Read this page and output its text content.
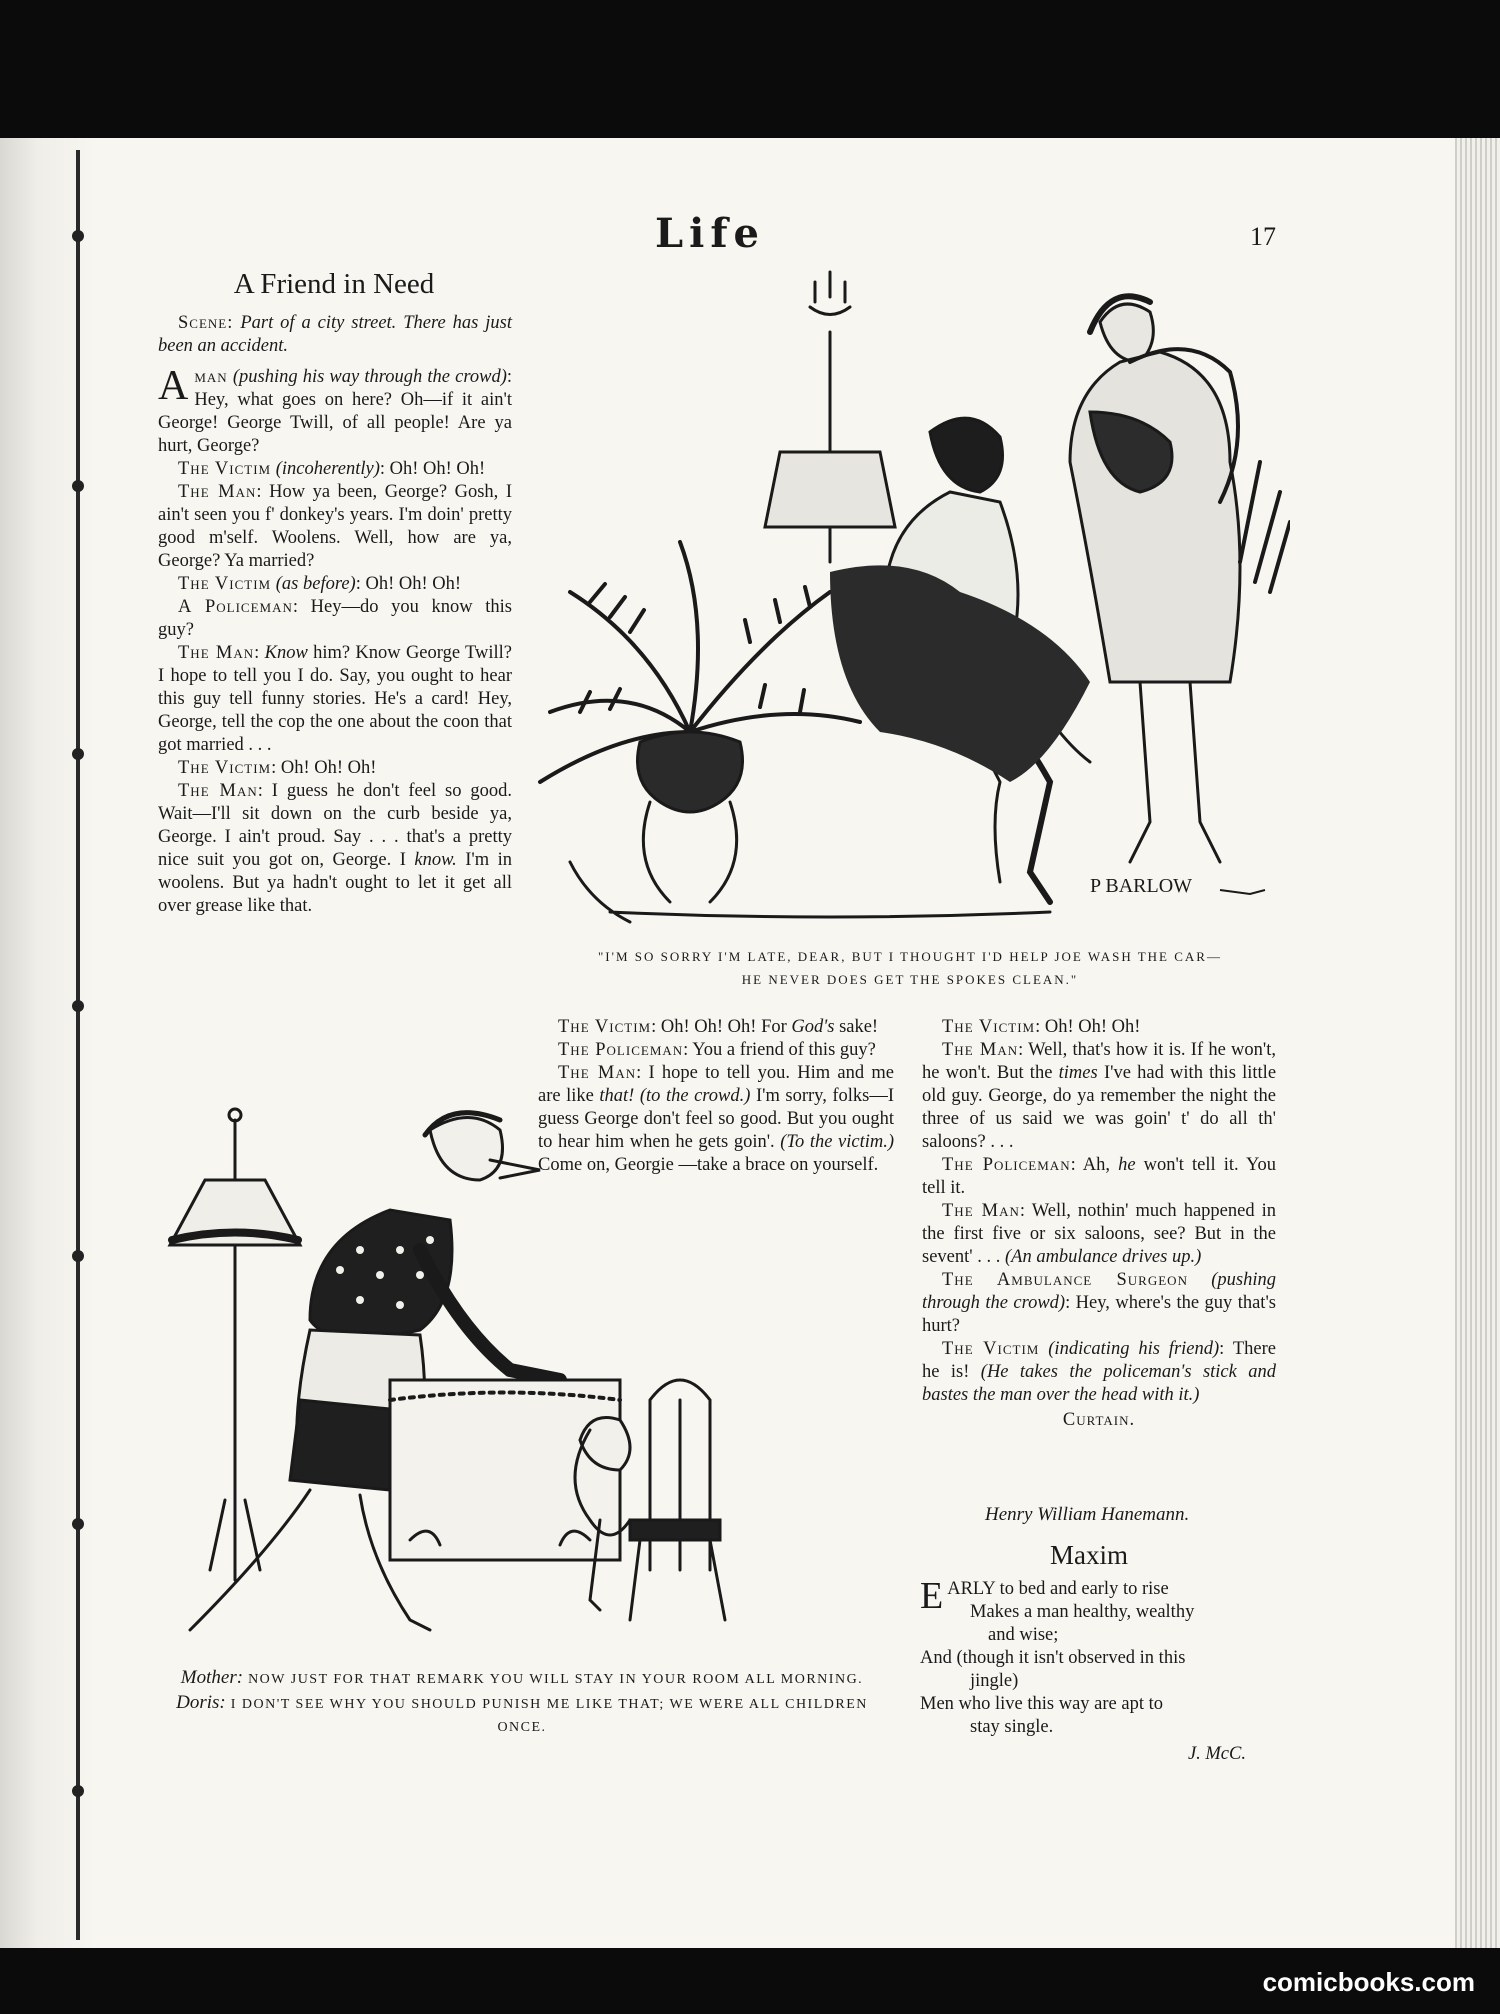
Life	17
A Friend in Need

Scene: Part of a city street. There has just been an accident.

Aman (pushing his way through the crowd): Hey, what goes on here? Oh—if it ain't George! George Twill, of all people! Are ya hurt, George?

The Victim (incoherently): Oh! Oh! Oh!

The Man: How ya been, George? Gosh, I ain't seen you f' donkey's years. I'm doin' pretty good m'self. Woolens. Well, how are ya, George? Ya married?

The Victim (as before): Oh! Oh! Oh!

A Policeman: Hey—do you know this guy?

The Man: Know him? Know George Twill? I hope to tell you I do. Say, you ought to hear this guy tell funny stories. He's a card! Hey, George, tell the cop the one about the coon that got married . . .

The Victim: Oh! Oh! Oh!

The Man: I guess he don't feel so good. Wait—I'll sit down on the curb beside ya, George. I ain't proud. Say . . . that's a pretty nice suit you got on, George. I know. I'm in woolens. But ya hadn't ought to let it get all over grease like that.

P BARLOW
"I'M SO SORRY I'M LATE, DEAR, BUT I THOUGHT I'D HELP JOE WASH THE CAR—
HE NEVER DOES GET THE SPOKES CLEAN."

The Victim: Oh! Oh! Oh! For God's sake!

The Policeman: You a friend of this guy?

The Man: I hope to tell you. Him and me are like that! (to the crowd.) I'm sorry, folks—I guess George don't feel so good. But you ought to hear him when he gets goin'. (To the victim.) Come on, Georgie —take a brace on yourself.

The Victim: Oh! Oh! Oh!

The Man: Well, that's how it is. If he won't, he won't. But the times I've had with this little old guy. George, do ya remember the night the three of us said we was goin' t' do all th' saloons? . . .

The Policeman: Ah, he won't tell it. You tell it.

The Man: Well, nothin' much happened in the first five or six saloons, see? But in the sevent' . . . (An ambulance drives up.)

The Ambulance Surgeon (pushing through the crowd): Hey, where's the guy that's hurt?

The Victim (indicating his friend): There he is! (He takes the policeman's stick and bastes the man over the head with it.)

Curtain.
Henry William Hanemann.
Mother: NOW JUST FOR THAT REMARK YOU WILL STAY IN YOUR ROOM ALL MORNING.
Doris: I DON'T SEE WHY YOU SHOULD PUNISH ME LIKE THAT; WE WERE ALL CHILDREN ONCE.
Maxim
EARLY to bed and early to rise
Makes a man healthy, wealthy
and wise;
And (though it isn't observed in this
jingle)
Men who live this way are apt to
stay single.
J. McC.
comicbooks.com
